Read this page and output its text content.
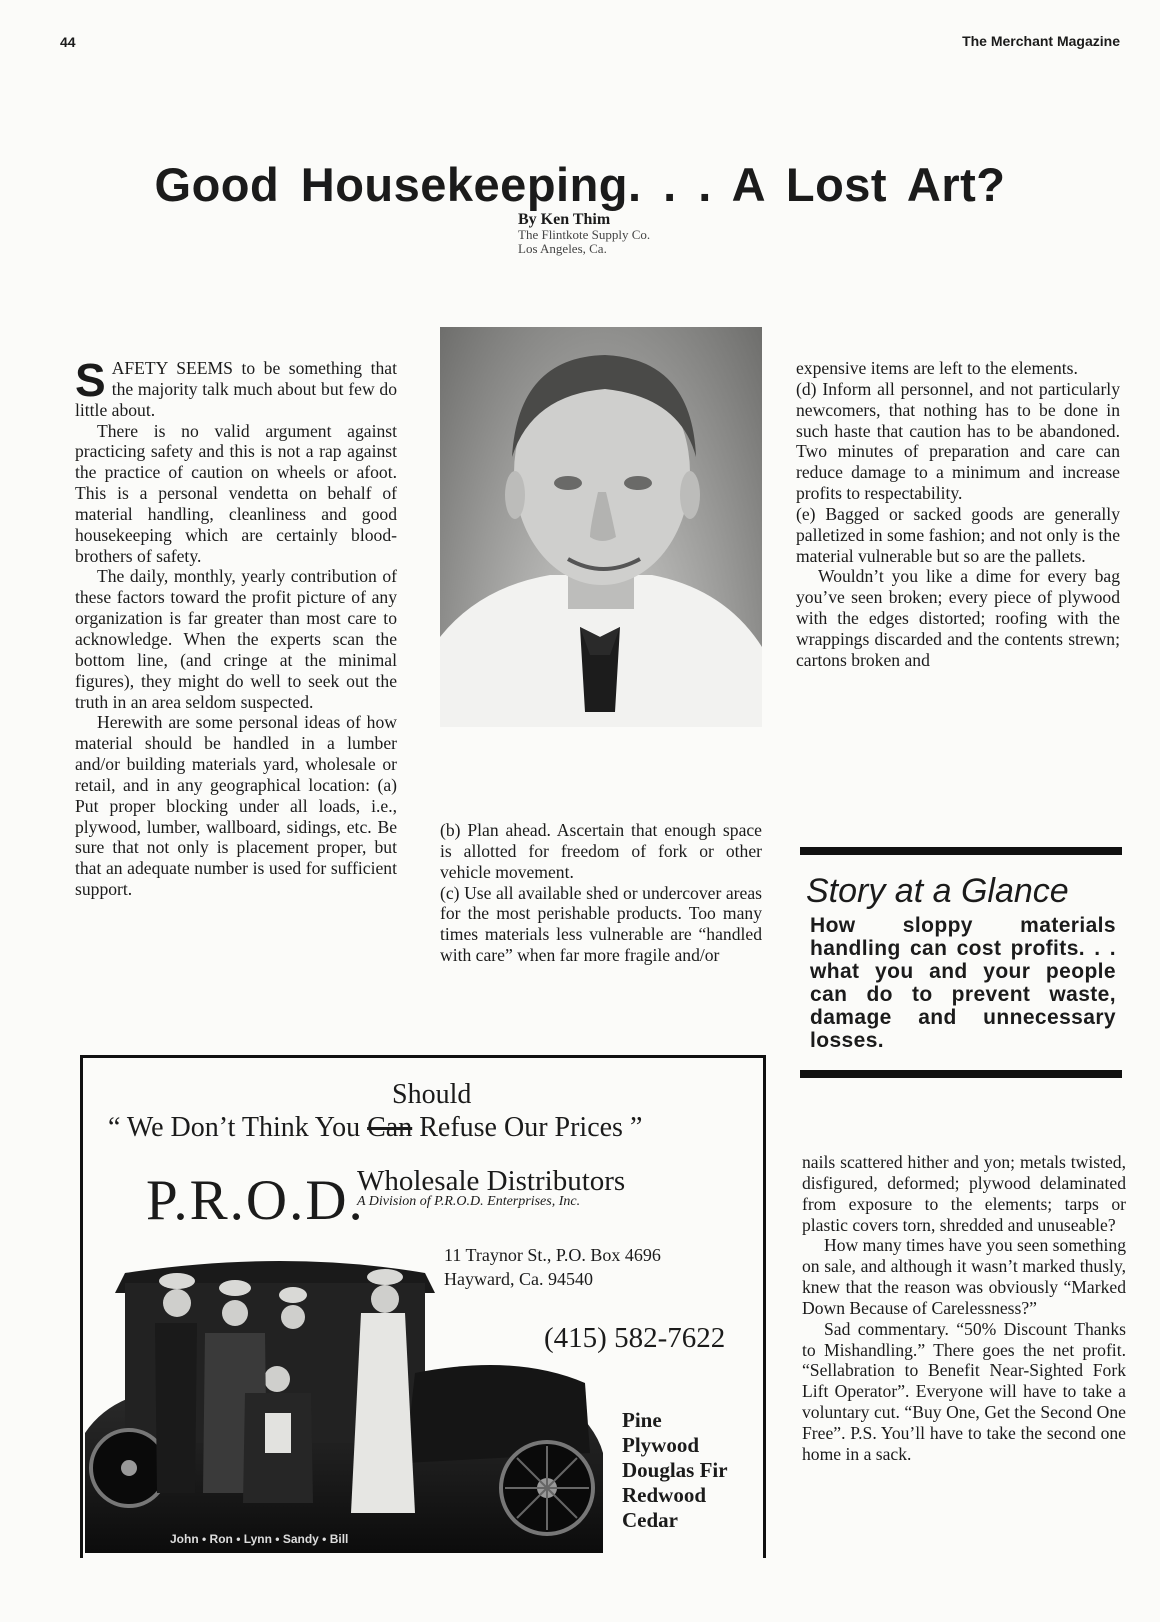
44	The Merchant Magazine
Good Housekeeping. . . A Lost Art?
By Ken Thim
The Flintkote Supply Co.
Los Angeles, Ca.

SAFETY SEEMS to be something that the majority talk much about but few do little about.

There is no valid argument against practicing safety and this is not a rap against the practice of caution on wheels or afoot. This is a personal vendetta on behalf of material handling, cleanliness and good housekeeping which are certainly blood-brothers of safety.

The daily, monthly, yearly contribution of these factors toward the profit picture of any organization is far greater than most care to acknowledge. When the experts scan the bottom line, (and cringe at the minimal figures), they might do well to seek out the truth in an area seldom suspected.

Herewith are some personal ideas of how material should be handled in a lumber and/or building materials yard, wholesale or retail, and in any geographical location: (a) Put proper blocking under all loads, i.e., plywood, lumber, wallboard, sidings, etc. Be sure that not only is placement proper, but that an adequate number is used for sufficient support.

(b) Plan ahead. Ascertain that enough space is allotted for freedom of fork or other vehicle movement.

(c) Use all available shed or undercover areas for the most perishable products. Too many times materials less vulnerable are “handled with care” when far more fragile and/or

expensive items are left to the elements.

(d) Inform all personnel, and not particularly newcomers, that nothing has to be done in such haste that caution has to be abandoned. Two minutes of preparation and care can reduce damage to a minimum and increase profits to respectability.

(e) Bagged or sacked goods are generally palletized in some fashion; and not only is the material vulnerable but so are the pallets.

Wouldn’t you like a dime for every bag you’ve seen broken; every piece of plywood with the edges distorted; roofing with the wrappings discarded and the contents strewn; cartons broken and

Story at a Glance
How sloppy materials handling can cost profits. . . what you and your people can do to prevent waste, damage and unnecessary losses.

nails scattered hither and yon; metals twisted, disfigured, deformed; plywood delaminated from exposure to the elements; tarps or plastic covers torn, shredded and unuseable?

How many times have you seen something on sale, and although it wasn’t marked thusly, knew that the reason was obviously “Marked Down Because of Carelessness?”

Sad commentary. “50% Discount Thanks to Mishandling.” There goes the net profit. “Sellabration to Benefit Near-Sighted Fork Lift Operator”. Everyone will have to take a voluntary cut. “Buy One, Get the Second One Free”. P.S. You’ll have to take the second one home in a sack.

Should
“ We Don’t Think You Can Refuse Our Prices ”
P.R.O.D.
Wholesale Distributors
A Division of P.R.O.D. Enterprises, Inc.
11 Traynor St., P.O. Box 4696
Hayward, Ca. 94540
(415) 582-7622
John • Ron • Lynn • Sandy • Bill
Pine
Plywood
Douglas Fir
Redwood
Cedar
